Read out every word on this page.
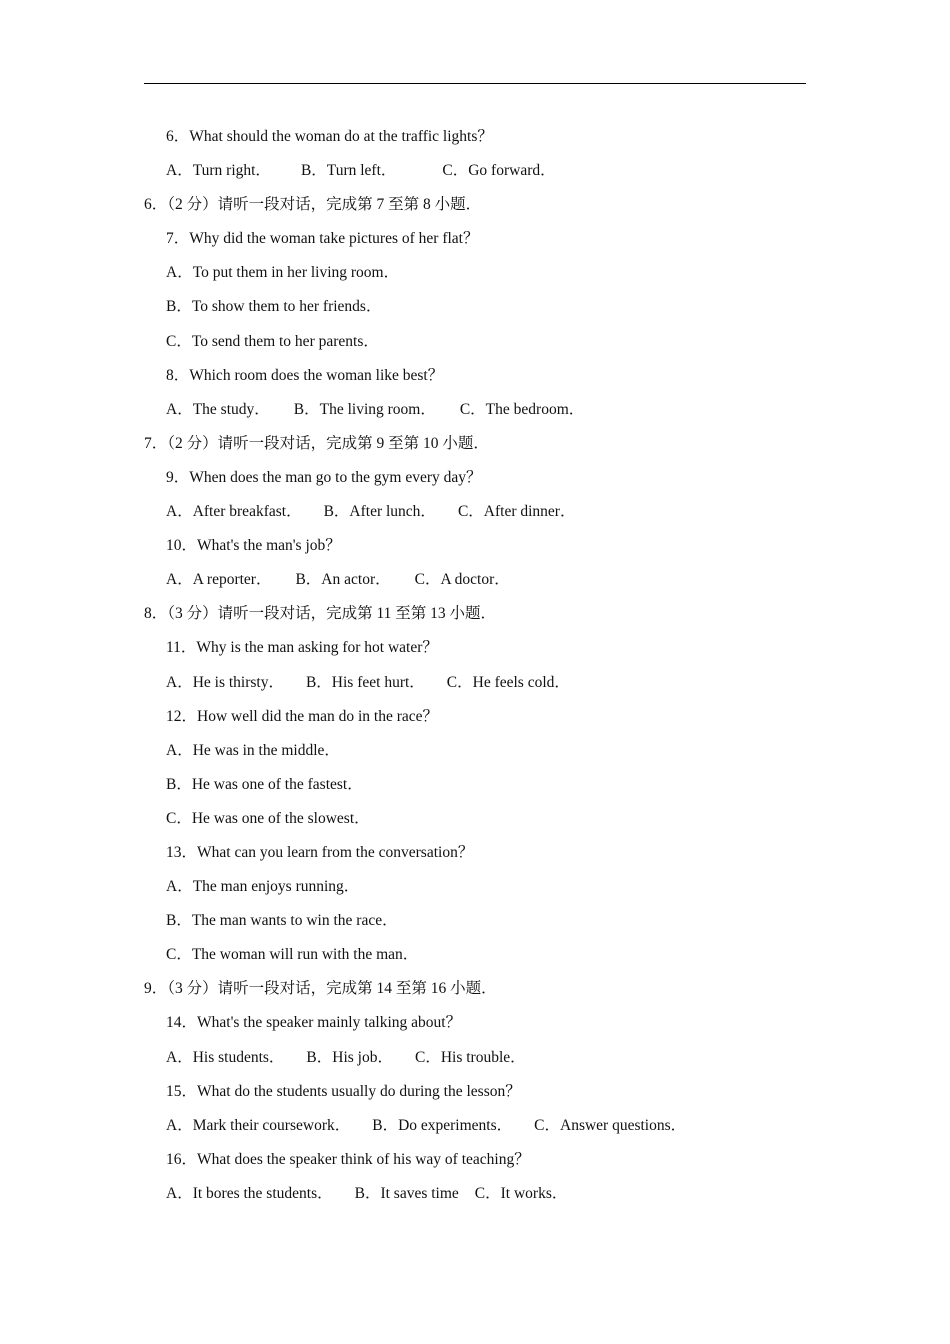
6．What should the woman do at the traffic lights？
A．Turn right． B．Turn left．	C．Go forward．
6．（2 分）请听一段对话，完成第 7 至第 8 小题．
7．Why did the woman take pictures of her flat？
A．To put them in her living room．
B．To show them to her friends．
C．To send them to her parents．
8．Which room does the woman like best？
A．The study． B．The living room． C．The bedroom．
7．（2 分）请听一段对话，完成第 9 至第 10 小题．
9．When does the man go to the gym every day？
A．After breakfast． B．After lunch． C．After dinner．
10．What's the man's job？
A．A reporter． B．An actor． C．A doctor．
8．（3 分）请听一段对话，完成第 11 至第 13 小题．
11．Why is the man asking for hot water？
A．He is thirsty． B．His feet hurt． C．He feels cold．
12．How well did the man do in the race？
A．He was in the middle．
B．He was one of the fastest．
C．He was one of the slowest．
13．What can you learn from the conversation？
A．The man enjoys running．
B．The man wants to win the race．
C．The woman will run with the man．
9．（3 分）请听一段对话，完成第 14 至第 16 小题．
14．What's the speaker mainly talking about？
A．His students． B．His job． C．His trouble．
15．What do the students usually do during the lesson？
A．Mark their coursework． B．Do experiments． C．Answer questions．
16．What does the speaker think of his way of teaching？
A．It bores the students． B．It saves time C．It works．
